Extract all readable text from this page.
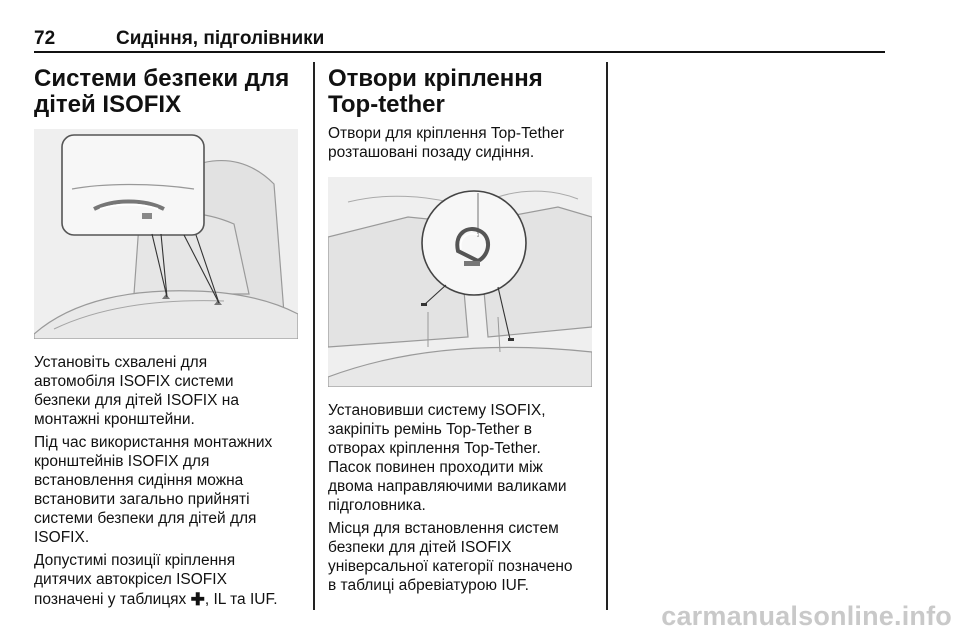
72	Сидіння, підголівники
Системи безпеки для
дітей ISOFIX

Установіть схвалені для
автомобіля ISOFIX системи
безпеки для дітей ISOFIX на
монтажні кронштейни.

Під час використання монтажних
кронштейнів ISOFIX для
встановлення сидіння можна
встановити загально прийняті
системи безпеки для дітей для
ISOFIX.

Допустимі позиції кріплення
дитячих автокрісел ISOFIX
позначені у таблицях ✚, IL та IUF.

Отвори кріплення
Top-tether

Отвори для кріплення Top-Tether
розташовані позаду сидіння.

Установивши систему ISOFIX,
закріпіть ремінь Top-Tether в
отворах кріплення Top-Tether.
Пасок повинен проходити між
двома направляючими валиками
підголовника.

Місця для встановлення систем
безпеки для дітей ISOFIX
універсальної категорії позначено
в таблиці абревіатурою IUF.

carmanualsonline.info
